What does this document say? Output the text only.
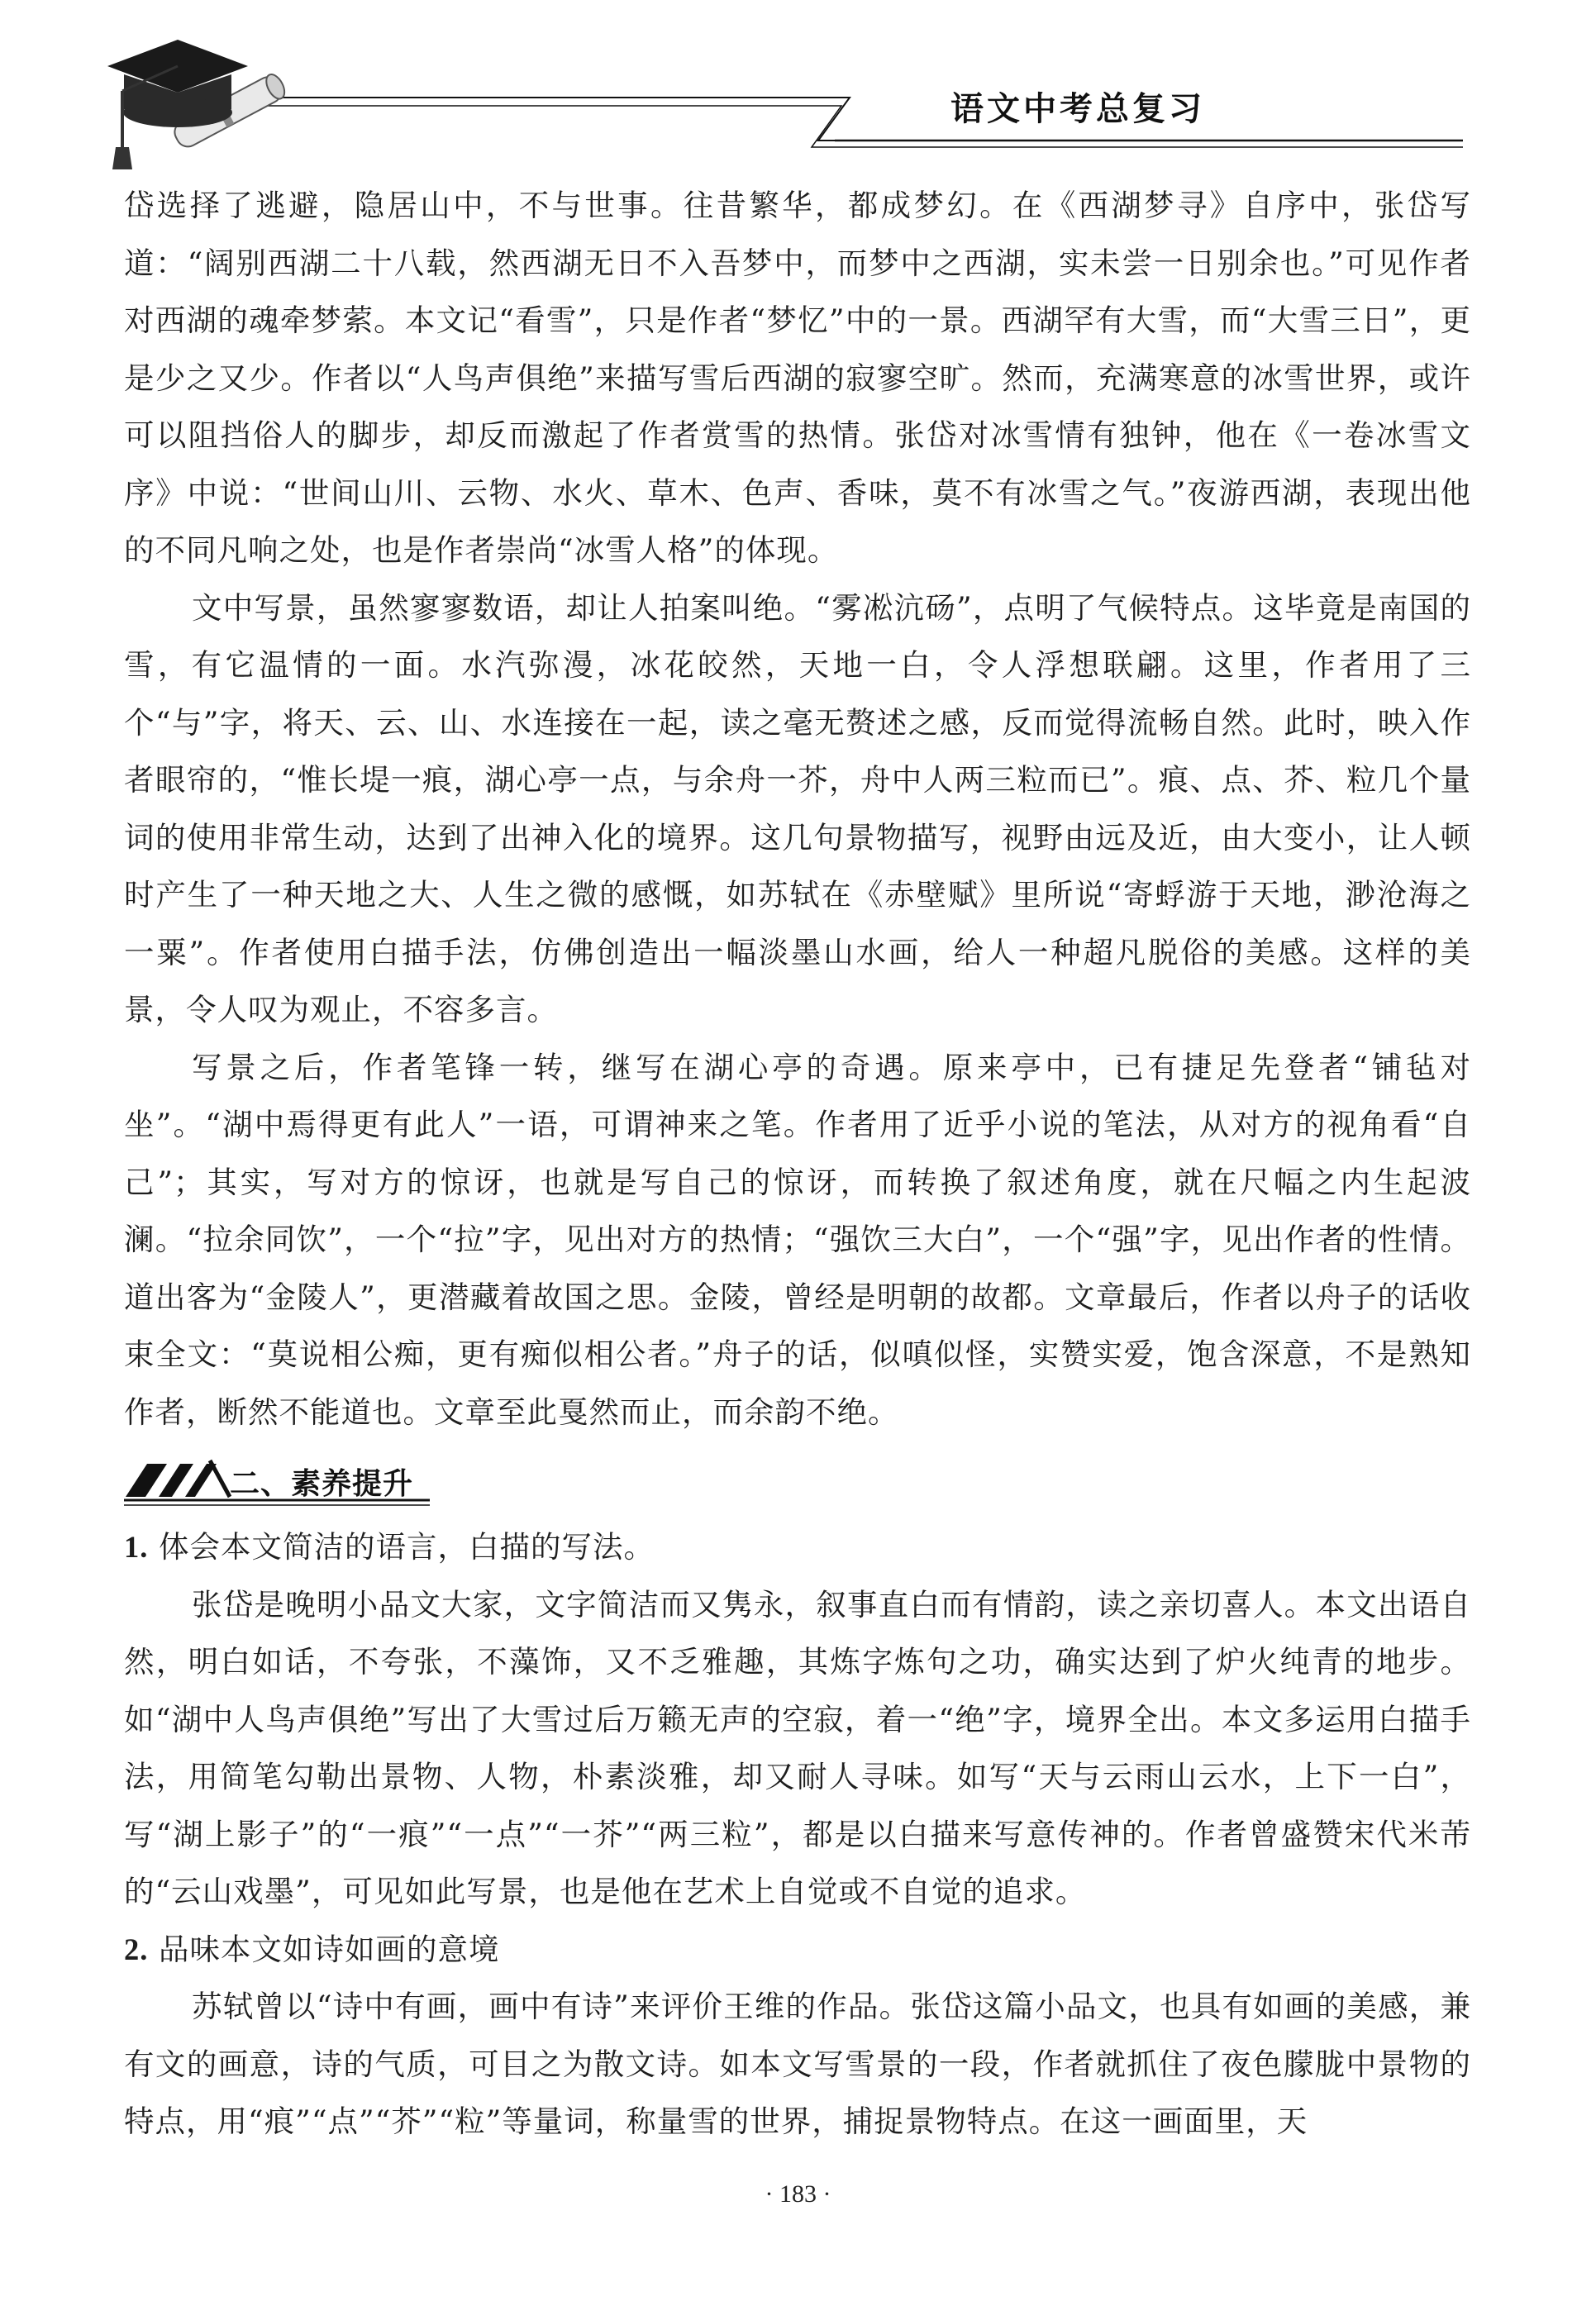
语文中考总复习

岱选择了逃避，隐居山中，不与世事。往昔繁华，都成梦幻。在《西湖梦寻》自序中，张岱写道：“阔别西湖二十八载，然西湖无日不入吾梦中，而梦中之西湖，实未尝一日别余也。”可见作者对西湖的魂牵梦萦。本文记“看雪”，只是作者“梦忆”中的一景。西湖罕有大雪，而“大雪三日”，更是少之又少。作者以“人鸟声俱绝”来描写雪后西湖的寂寥空旷。然而，充满寒意的冰雪世界，或许可以阻挡俗人的脚步，却反而激起了作者赏雪的热情。张岱对冰雪情有独钟，他在《一卷冰雪文序》中说：“世间山川、云物、水火、草木、色声、香味，莫不有冰雪之气。”夜游西湖，表现出他的不同凡响之处，也是作者崇尚“冰雪人格”的体现。

文中写景，虽然寥寥数语，却让人拍案叫绝。“雾凇沆砀”，点明了气候特点。这毕竟是南国的雪，有它温情的一面。水汽弥漫，冰花皎然，天地一白，令人浮想联翩。这里，作者用了三个“与”字，将天、云、山、水连接在一起，读之毫无赘述之感，反而觉得流畅自然。此时，映入作者眼帘的，“惟长堤一痕，湖心亭一点，与余舟一芥，舟中人两三粒而已”。痕、点、芥、粒几个量词的使用非常生动，达到了出神入化的境界。这几句景物描写，视野由远及近，由大变小，让人顿时产生了一种天地之大、人生之微的感慨，如苏轼在《赤壁赋》里所说“寄蜉游于天地，渺沧海之一粟”。作者使用白描手法，仿佛创造出一幅淡墨山水画，给人一种超凡脱俗的美感。这样的美景，令人叹为观止，不容多言。

写景之后，作者笔锋一转，继写在湖心亭的奇遇。原来亭中，已有捷足先登者“铺毡对坐”。“湖中焉得更有此人”一语，可谓神来之笔。作者用了近乎小说的笔法，从对方的视角看“自己”；其实，写对方的惊讶，也就是写自己的惊讶，而转换了叙述角度，就在尺幅之内生起波澜。“拉余同饮”，一个“拉”字，见出对方的热情；“强饮三大白”，一个“强”字，见出作者的性情。道出客为“金陵人”，更潜藏着故国之思。金陵，曾经是明朝的故都。文章最后，作者以舟子的话收束全文：“莫说相公痴，更有痴似相公者。”舟子的话，似嗔似怪，实赞实爱，饱含深意，不是熟知作者，断然不能道也。文章至此戛然而止，而余韵不绝。

二、素养提升

1. 体会本文简洁的语言，白描的写法。

张岱是晚明小品文大家，文字简洁而又隽永，叙事直白而有情韵，读之亲切喜人。本文出语自然，明白如话，不夸张，不藻饰，又不乏雅趣，其炼字炼句之功，确实达到了炉火纯青的地步。如“湖中人鸟声俱绝”写出了大雪过后万籁无声的空寂，着一“绝”字，境界全出。本文多运用白描手法，用简笔勾勒出景物、人物，朴素淡雅，却又耐人寻味。如写“天与云雨山云水，上下一白”，写“湖上影子”的“一痕”“一点”“一芥”“两三粒”，都是以白描来写意传神的。作者曾盛赞宋代米芾的“云山戏墨”，可见如此写景，也是他在艺术上自觉或不自觉的追求。

2. 品味本文如诗如画的意境

苏轼曾以“诗中有画，画中有诗”来评价王维的作品。张岱这篇小品文，也具有如画的美感，兼有文的画意，诗的气质，可目之为散文诗。如本文写雪景的一段，作者就抓住了夜色朦胧中景物的特点，用“痕”“点”“芥”“粒”等量词，称量雪的世界，捕捉景物特点。在这一画面里，天

· 183 ·
